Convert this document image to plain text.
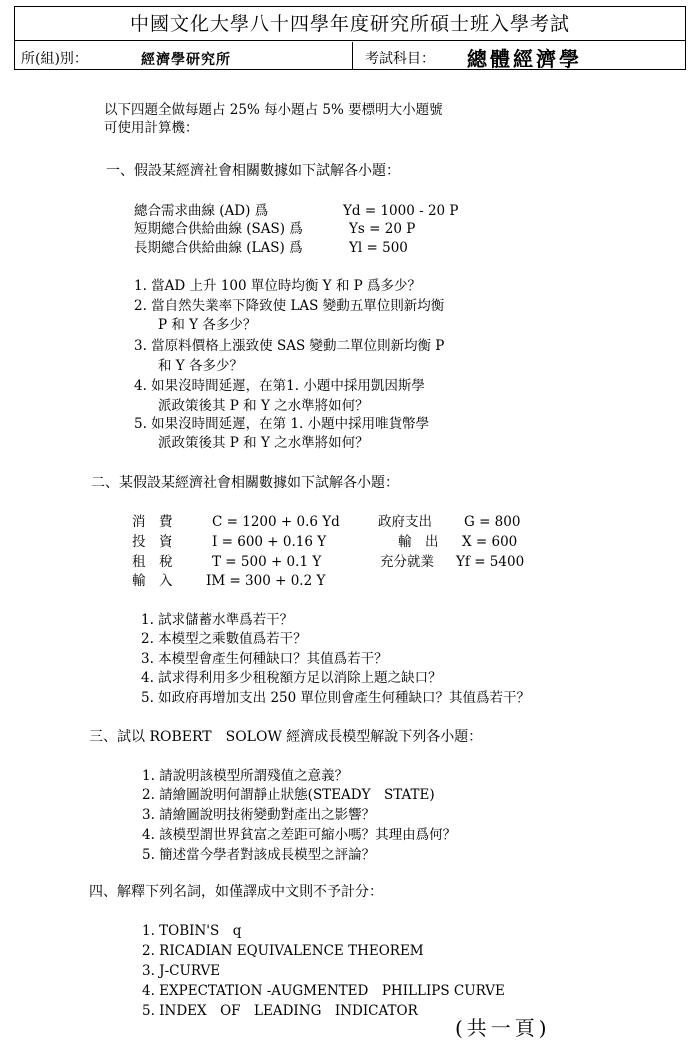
中國文化大學八十四學年度研究所碩士班入學考試
所(組)別：	經濟學研究所	考試科目： 總體經濟學
以下四題全做每題占 25% 每小題占 5% 要標明大小題號
可使用計算機：
一、假設某經濟社會相關數據如下試解各小題：
總合需求曲線 (AD) 爲	Yd = 1000 - 20 P
短期總合供給曲線 (SAS) 爲	Ys = 20 P
長期總合供給曲線 (LAS) 爲	Yl = 500
1. 當AD 上升 100 單位時均衡 Y 和 P 爲多少？
2. 當自然失業率下降致使 LAS 變動五單位則新均衡
P 和 Y 各多少？
3. 當原料價格上漲致使 SAS 變動二單位則新均衡 P
和 Y 各多少？
4. 如果沒時間延遲，在第1. 小題中採用凱因斯學
派政策後其 P 和 Y 之水準將如何？
5. 如果沒時間延遲，在第 1. 小題中採用唯貨幣學
派政策後其 P 和 Y 之水準將如何？
二、某假設某經濟社會相關數據如下試解各小題：
消　費	C = 1200 + 0.6 Yd	政府支出 G = 800
投　資	I = 600 + 0.16 Y	輸　出 X = 600
租　稅	T = 500 + 0.1 Y	充分就業 Yf = 5400
輸　入 IM = 300 + 0.2 Y
1. 試求儲蓄水準爲若干？
2. 本模型之乘數值爲若干？
3. 本模型會產生何種缺口？其值爲若干？
4. 試求得利用多少租稅額方足以消除上題之缺口？
5. 如政府再增加支出 250 單位則會產生何種缺口？其值爲若干？
三、試以 ROBERT　SOLOW 經濟成長模型解說下列各小題：
1. 請說明該模型所謂殘值之意義？
2. 請繪圖說明何謂靜止狀態(STEADY　STATE)
3. 請繪圖說明技術變動對產出之影響？
4. 該模型謂世界貧富之差距可縮小嗎？其理由爲何？
5. 簡述當今學者對該成長模型之評論？
四、解釋下列名詞，如僅譯成中文則不予計分：
1. TOBIN'S　q
2. RICADIAN EQUIVALENCE THEOREM
3. J-CURVE
4. EXPECTATION -AUGMENTED　PHILLIPS CURVE
5. INDEX　OF　LEADING　INDICATOR
(共一頁)
